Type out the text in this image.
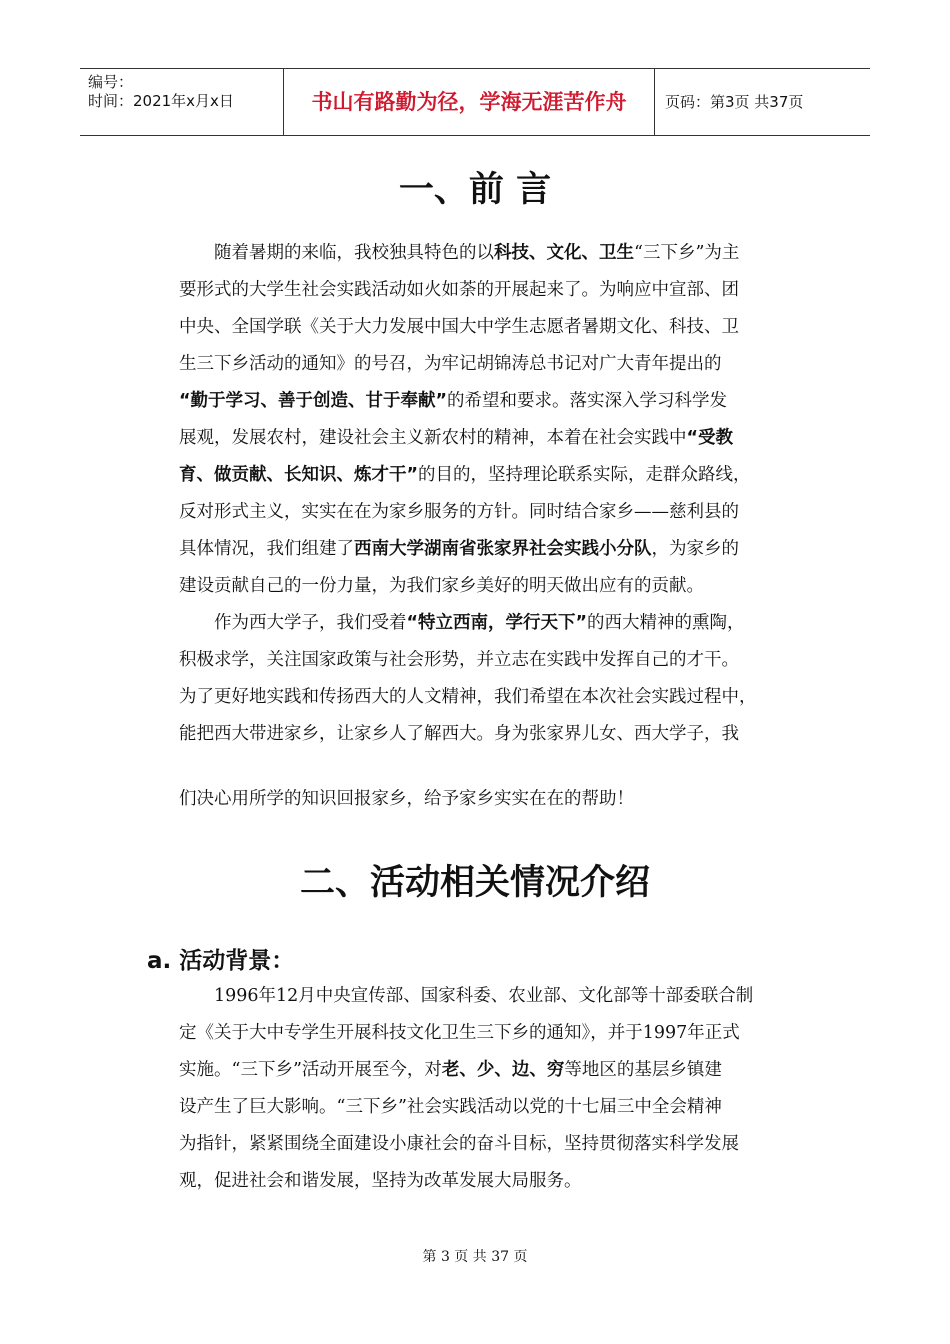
编号：
时间：2021年x月x日	书山有路勤为径，学海无涯苦作舟	页码：第3页 共37页
一、前 言
随着暑期的来临，我校独具特色的以科技、文化、卫生“三下乡”为主
要形式的大学生社会实践活动如火如荼的开展起来了。为响应中宣部、团
中央、全国学联《关于大力发展中国大中学生志愿者暑期文化、科技、卫
生三下乡活动的通知》的号召，为牢记胡锦涛总书记对广大青年提出的
“勤于学习、善于创造、甘于奉献”的希望和要求。落实深入学习科学发
展观，发展农村，建设社会主义新农村的精神，本着在社会实践中“受教
育、做贡献、长知识、炼才干”的目的，坚持理论联系实际，走群众路线，
反对形式主义，实实在在为家乡服务的方针。同时结合家乡——慈利县的
具体情况，我们组建了西南大学湖南省张家界社会实践小分队，为家乡的
建设贡献自己的一份力量，为我们家乡美好的明天做出应有的贡献。
作为西大学子，我们受着“特立西南，学行天下”的西大精神的熏陶，
积极求学，关注国家政策与社会形势，并立志在实践中发挥自己的才干。
为了更好地实践和传扬西大的人文精神，我们希望在本次社会实践过程中，
能把西大带进家乡，让家乡人了解西大。身为张家界儿女、西大学子，我
们决心用所学的知识回报家乡，给予家乡实实在在的帮助！
二、活动相关情况介绍
a. 活动背景：
1996年12月中央宣传部、国家科委、农业部、文化部等十部委联合制
定《关于大中专学生开展科技文化卫生三下乡的通知》，并于1997年正式
实施。“三下乡”活动开展至今，对老、少、边、穷等地区的基层乡镇建
设产生了巨大影响。“三下乡”社会实践活动以党的十七届三中全会精神
为指针，紧紧围绕全面建设小康社会的奋斗目标，坚持贯彻落实科学发展
观，促进社会和谐发展，坚持为改革发展大局服务。
第 3 页 共 37 页
